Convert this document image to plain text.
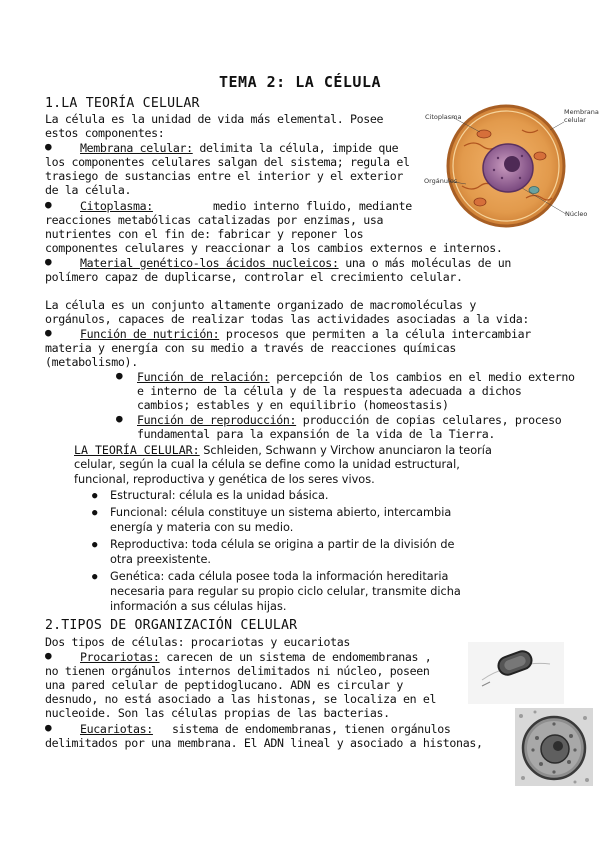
TEMA 2: LA CÉLULA
1.LA TEORÍA CELULAR
La célula es la unidad de vida más elemental. Posee
estos componentes:
● Membrana celular: delimita la célula, impide que
los componentes celulares salgan del sistema; regula el
trasiego de sustancias entre el interior y el exterior
de la célula.
● Citoplasma:	medio interno fluido, mediante
reacciones metabólicas catalizadas por enzimas, usa
nutrientes con el fin de: fabricar y reponer los
componentes celulares y reaccionar a los cambios externos e internos.
● Material genético-los ácidos nucleicos: una o más moléculas de un
polímero capaz de duplicarse, controlar el crecimiento celular.
La célula es un conjunto altamente organizado de macromoléculas y
orgánulos, capaces de realizar todas las actividades asociadas a la vida:
● Función de nutrición: procesos que permiten a la célula intercambiar
materia y energía con su medio a través de reacciones químicas
(metabolismo).
● Función de relación: percepción de los cambios en el medio externo
e interno de la célula y de la respuesta adecuada a dichos
cambios; estables y en equilibrio (homeostasis)
● Función de reproducción: producción de copias celulares, proceso
fundamental para la expansión de la vida de la Tierra.
LA TEORÍA CELULAR: Schleiden, Schwann y Virchow anunciaron la teoría
celular, según la cual la célula se define como la unidad estructural,
funcional, reproductiva y genética de los seres vivos.
● Estructural: célula es la unidad básica.
● Funcional: célula constituye un sistema abierto, intercambia
energía y materia con su medio.
● Reproductiva: toda célula se origina a partir de la división de
otra preexistente.
● Genética: cada célula posee toda la información hereditaria
necesaria para regular su propio ciclo celular, transmite dicha
información a sus células hijas.
2.TIPOS DE ORGANIZACIÓN CELULAR
Dos tipos de células: procariotas y eucariotas
● Procariotas: carecen de un sistema de endomembranas ,
no tienen orgánulos internos delimitados ni núcleo, poseen
una pared celular de peptidoglucano. ADN es circular y
desnudo, no está asociado a las histonas, se localiza en el
nucleoide. Son las células propias de las bacterias.
● Eucariotas: sistema de endomembranas, tienen orgánulos
delimitados por una membrana. El ADN lineal y asociado a histonas,
Citoplasma
Membrana
celular
Orgánulos
Núcleo
